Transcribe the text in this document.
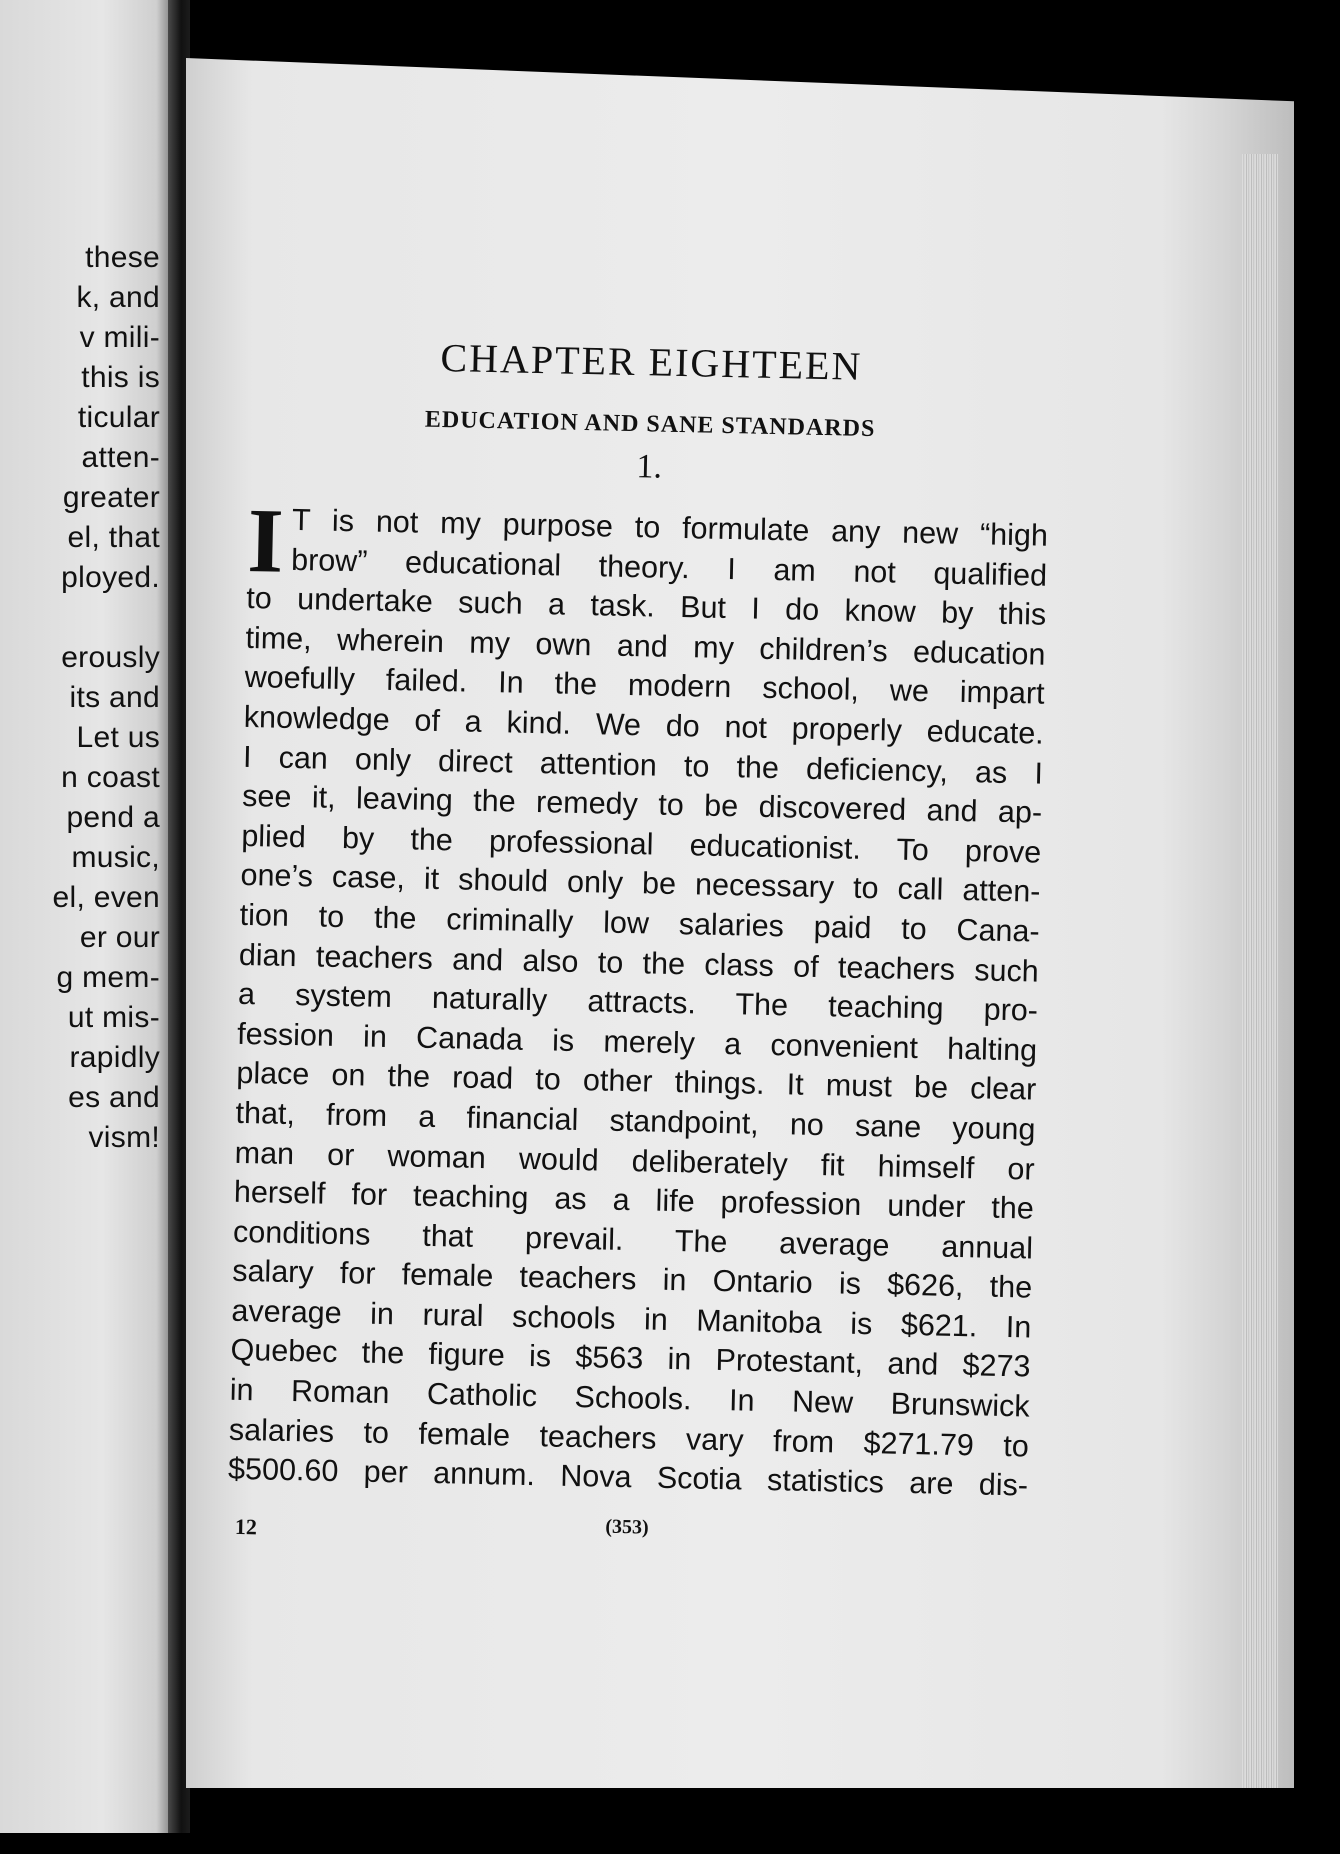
these
k, and
v mili-
this is
ticular
atten-
greater
el, that
ployed.
erously
its and
Let us
n coast
pend a
music,
el, even
er our
g mem-
ut mis-
rapidly
es and
vism!
CHAPTER EIGHTEEN
EDUCATION AND SANE STANDARDS
1.
I T is not my purpose to formulate any new “high
brow” educational theory. I am not qualified
to undertake such a task. But I do know by this
time, wherein my own and my children’s education
woefully failed. In the modern school, we impart
knowledge of a kind. We do not properly educate.
I can only direct attention to the deficiency, as I
see it, leaving the remedy to be discovered and ap-
plied by the professional educationist. To prove
one’s case, it should only be necessary to call atten-
tion to the criminally low salaries paid to Cana-
dian teachers and also to the class of teachers such
a system naturally attracts. The teaching pro-
fession in Canada is merely a convenient halting
place on the road to other things. It must be clear
that, from a financial standpoint, no sane young
man or woman would deliberately fit himself or
herself for teaching as a life profession under the
conditions that prevail. The average annual
salary for female teachers in Ontario is $626, the
average in rural schools in Manitoba is $621. In
Quebec the figure is $563 in Protestant, and $273
in Roman Catholic Schools. In New Brunswick
salaries to female teachers vary from $271.79 to
$500.60 per annum. Nova Scotia statistics are dis-

12	(353)
